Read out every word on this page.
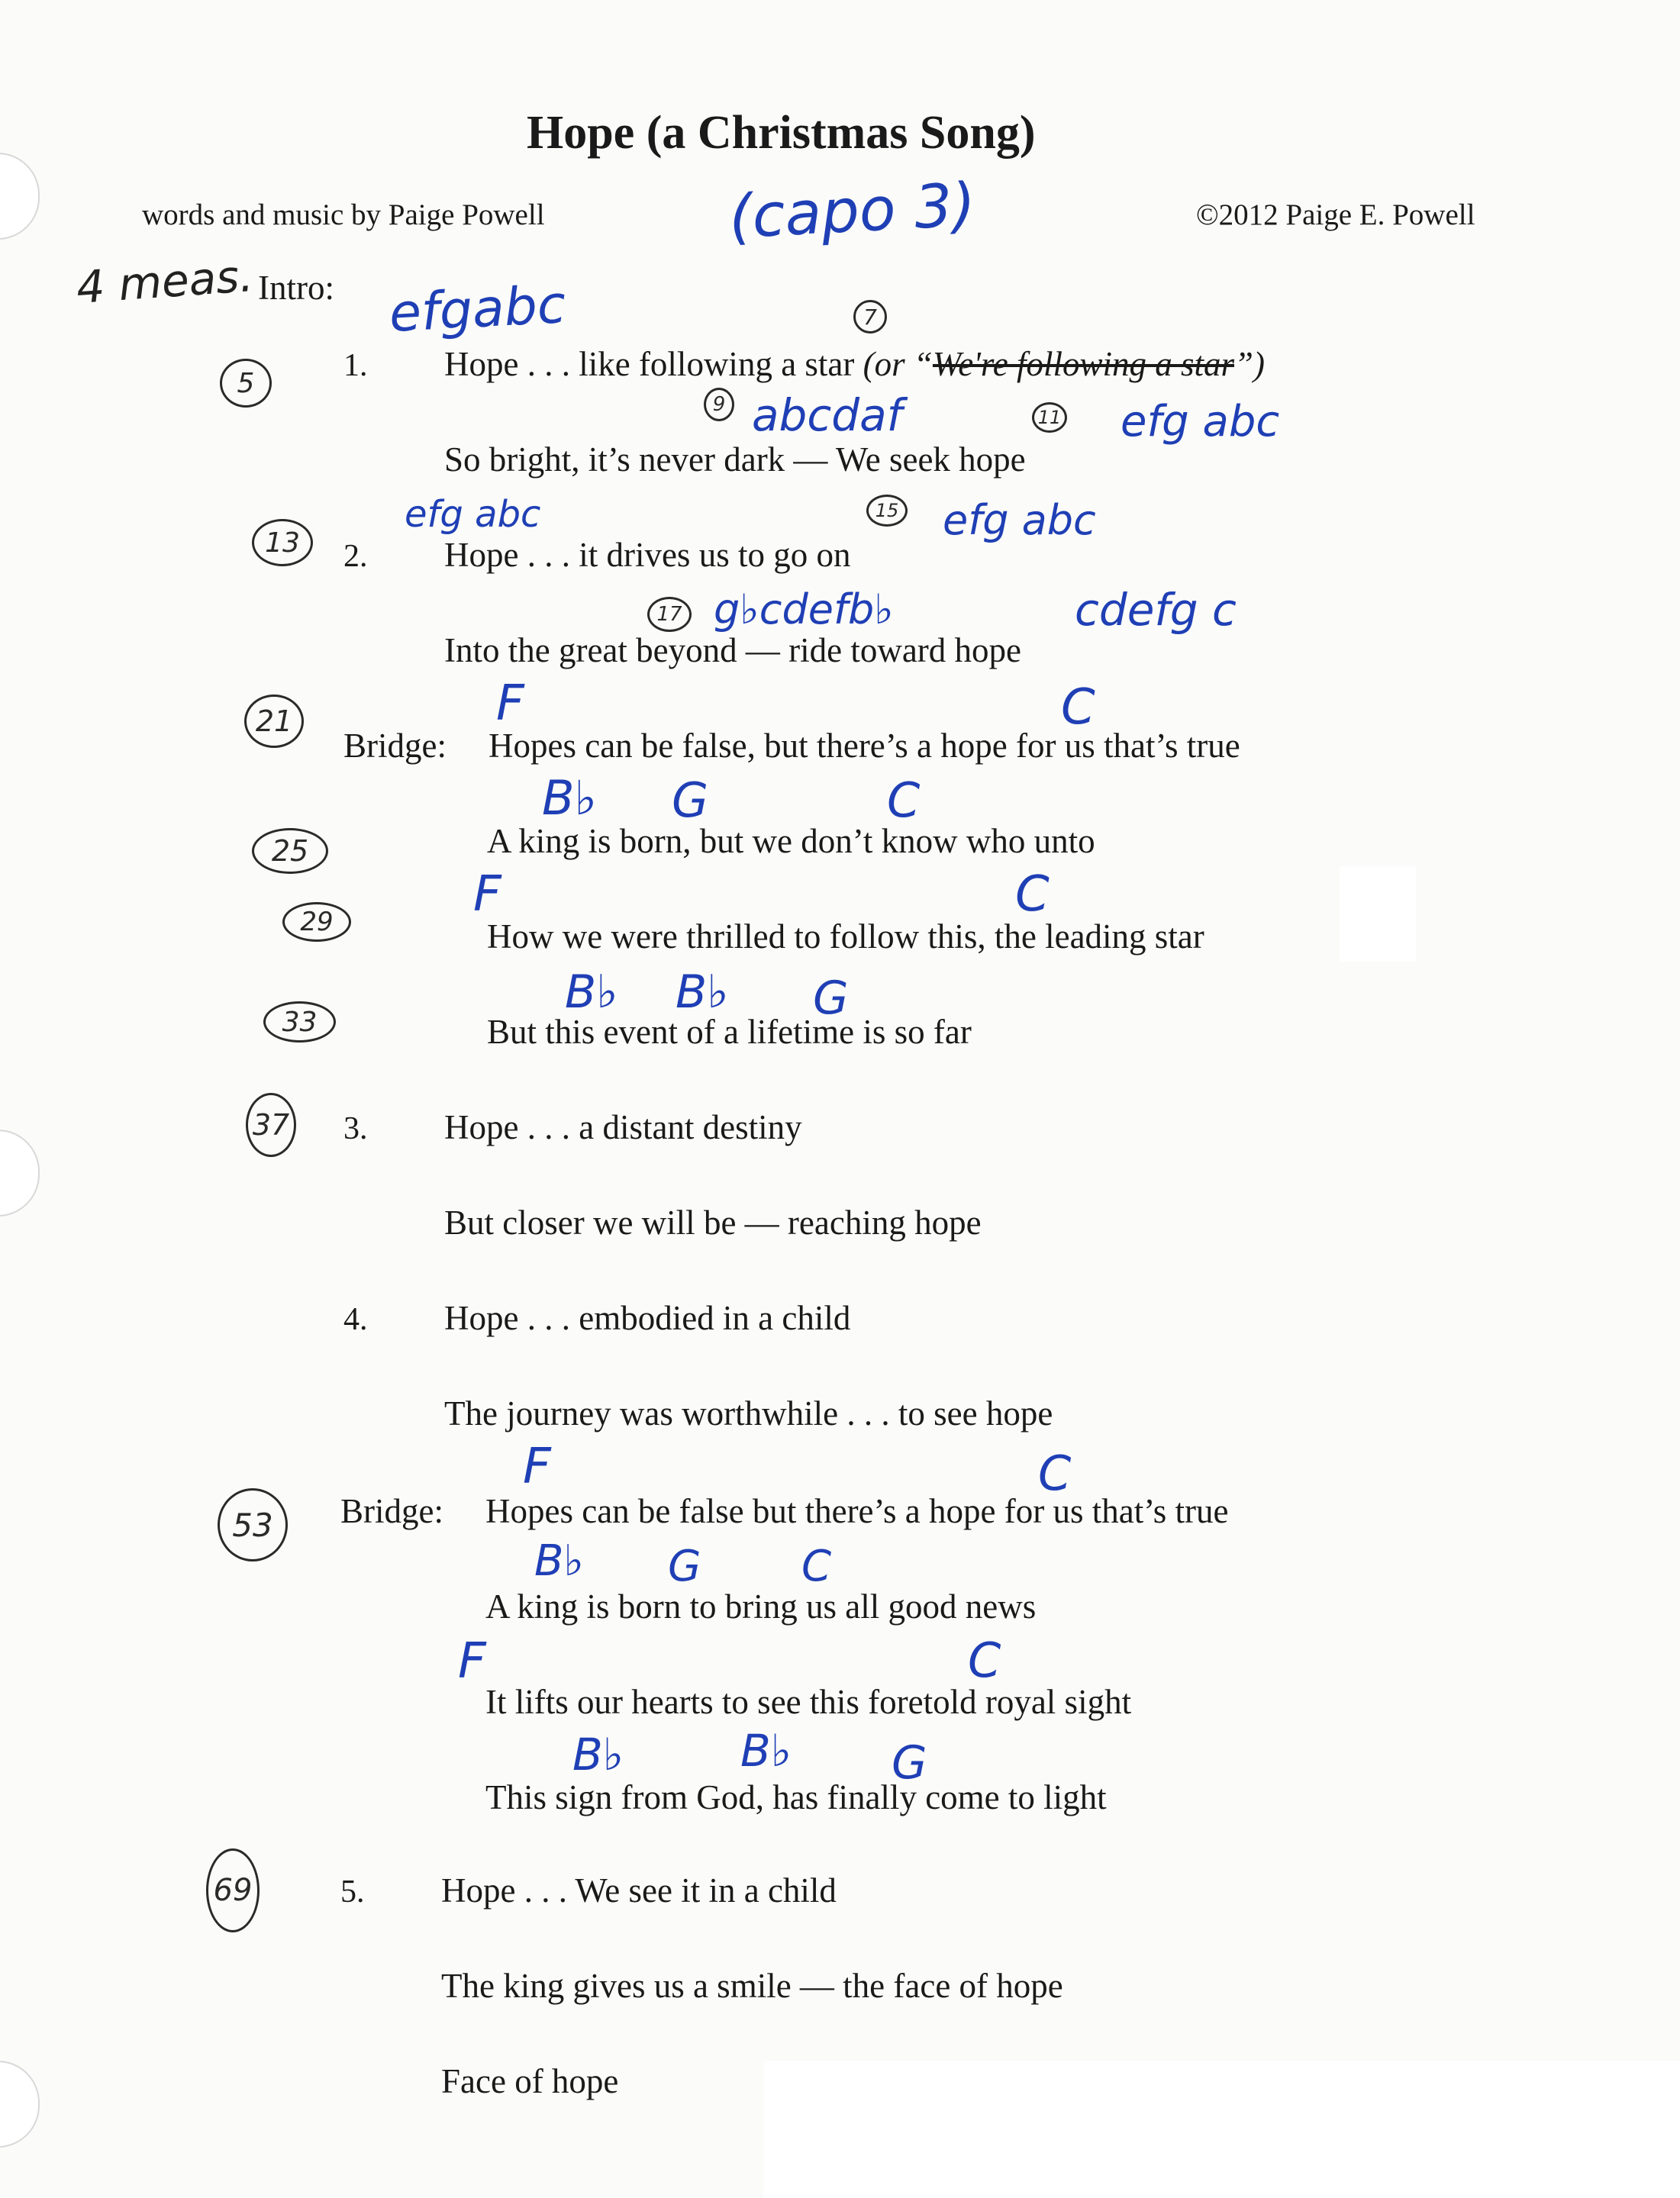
Hope (a Christmas Song)
words and music by Paige Powell	©2012 Paige E. Powell
(capo 3)
4 meas. Intro: efgabc
5
7
1. Hope . . . like following a star (or “We're following a star”)
9 abcdaf	11 efg abc
So bright, it’s never dark — We seek hope
efg abc	15 efg abc
13	2. Hope . . . it drives us to go on
17 g♭cdefb♭	cdefg c
Into the great beyond — ride toward hope
21	F	C
Bridge: Hopes can be false, but there’s a hope for us that’s true
B♭ G	C
25	A king is born, but we don’t know who unto
F	C
29	How we were thrilled to follow this, the leading star
B♭ B♭ G
33	But this event of a lifetime is so far
37 3. Hope . . . a distant destiny
But closer we will be — reaching hope
4. Hope . . . embodied in a child
The journey was worthwhile . . . to see hope
F	C
53	Bridge: Hopes can be false but there’s a hope for us that’s true
B♭ G C
A king is born to bring us all good news
F	C
It lifts our hearts to see this foretold royal sight
B♭	B♭ G
This sign from God, has finally come to light
69	5. Hope . . . We see it in a child
The king gives us a smile — the face of hope
Face of hope
